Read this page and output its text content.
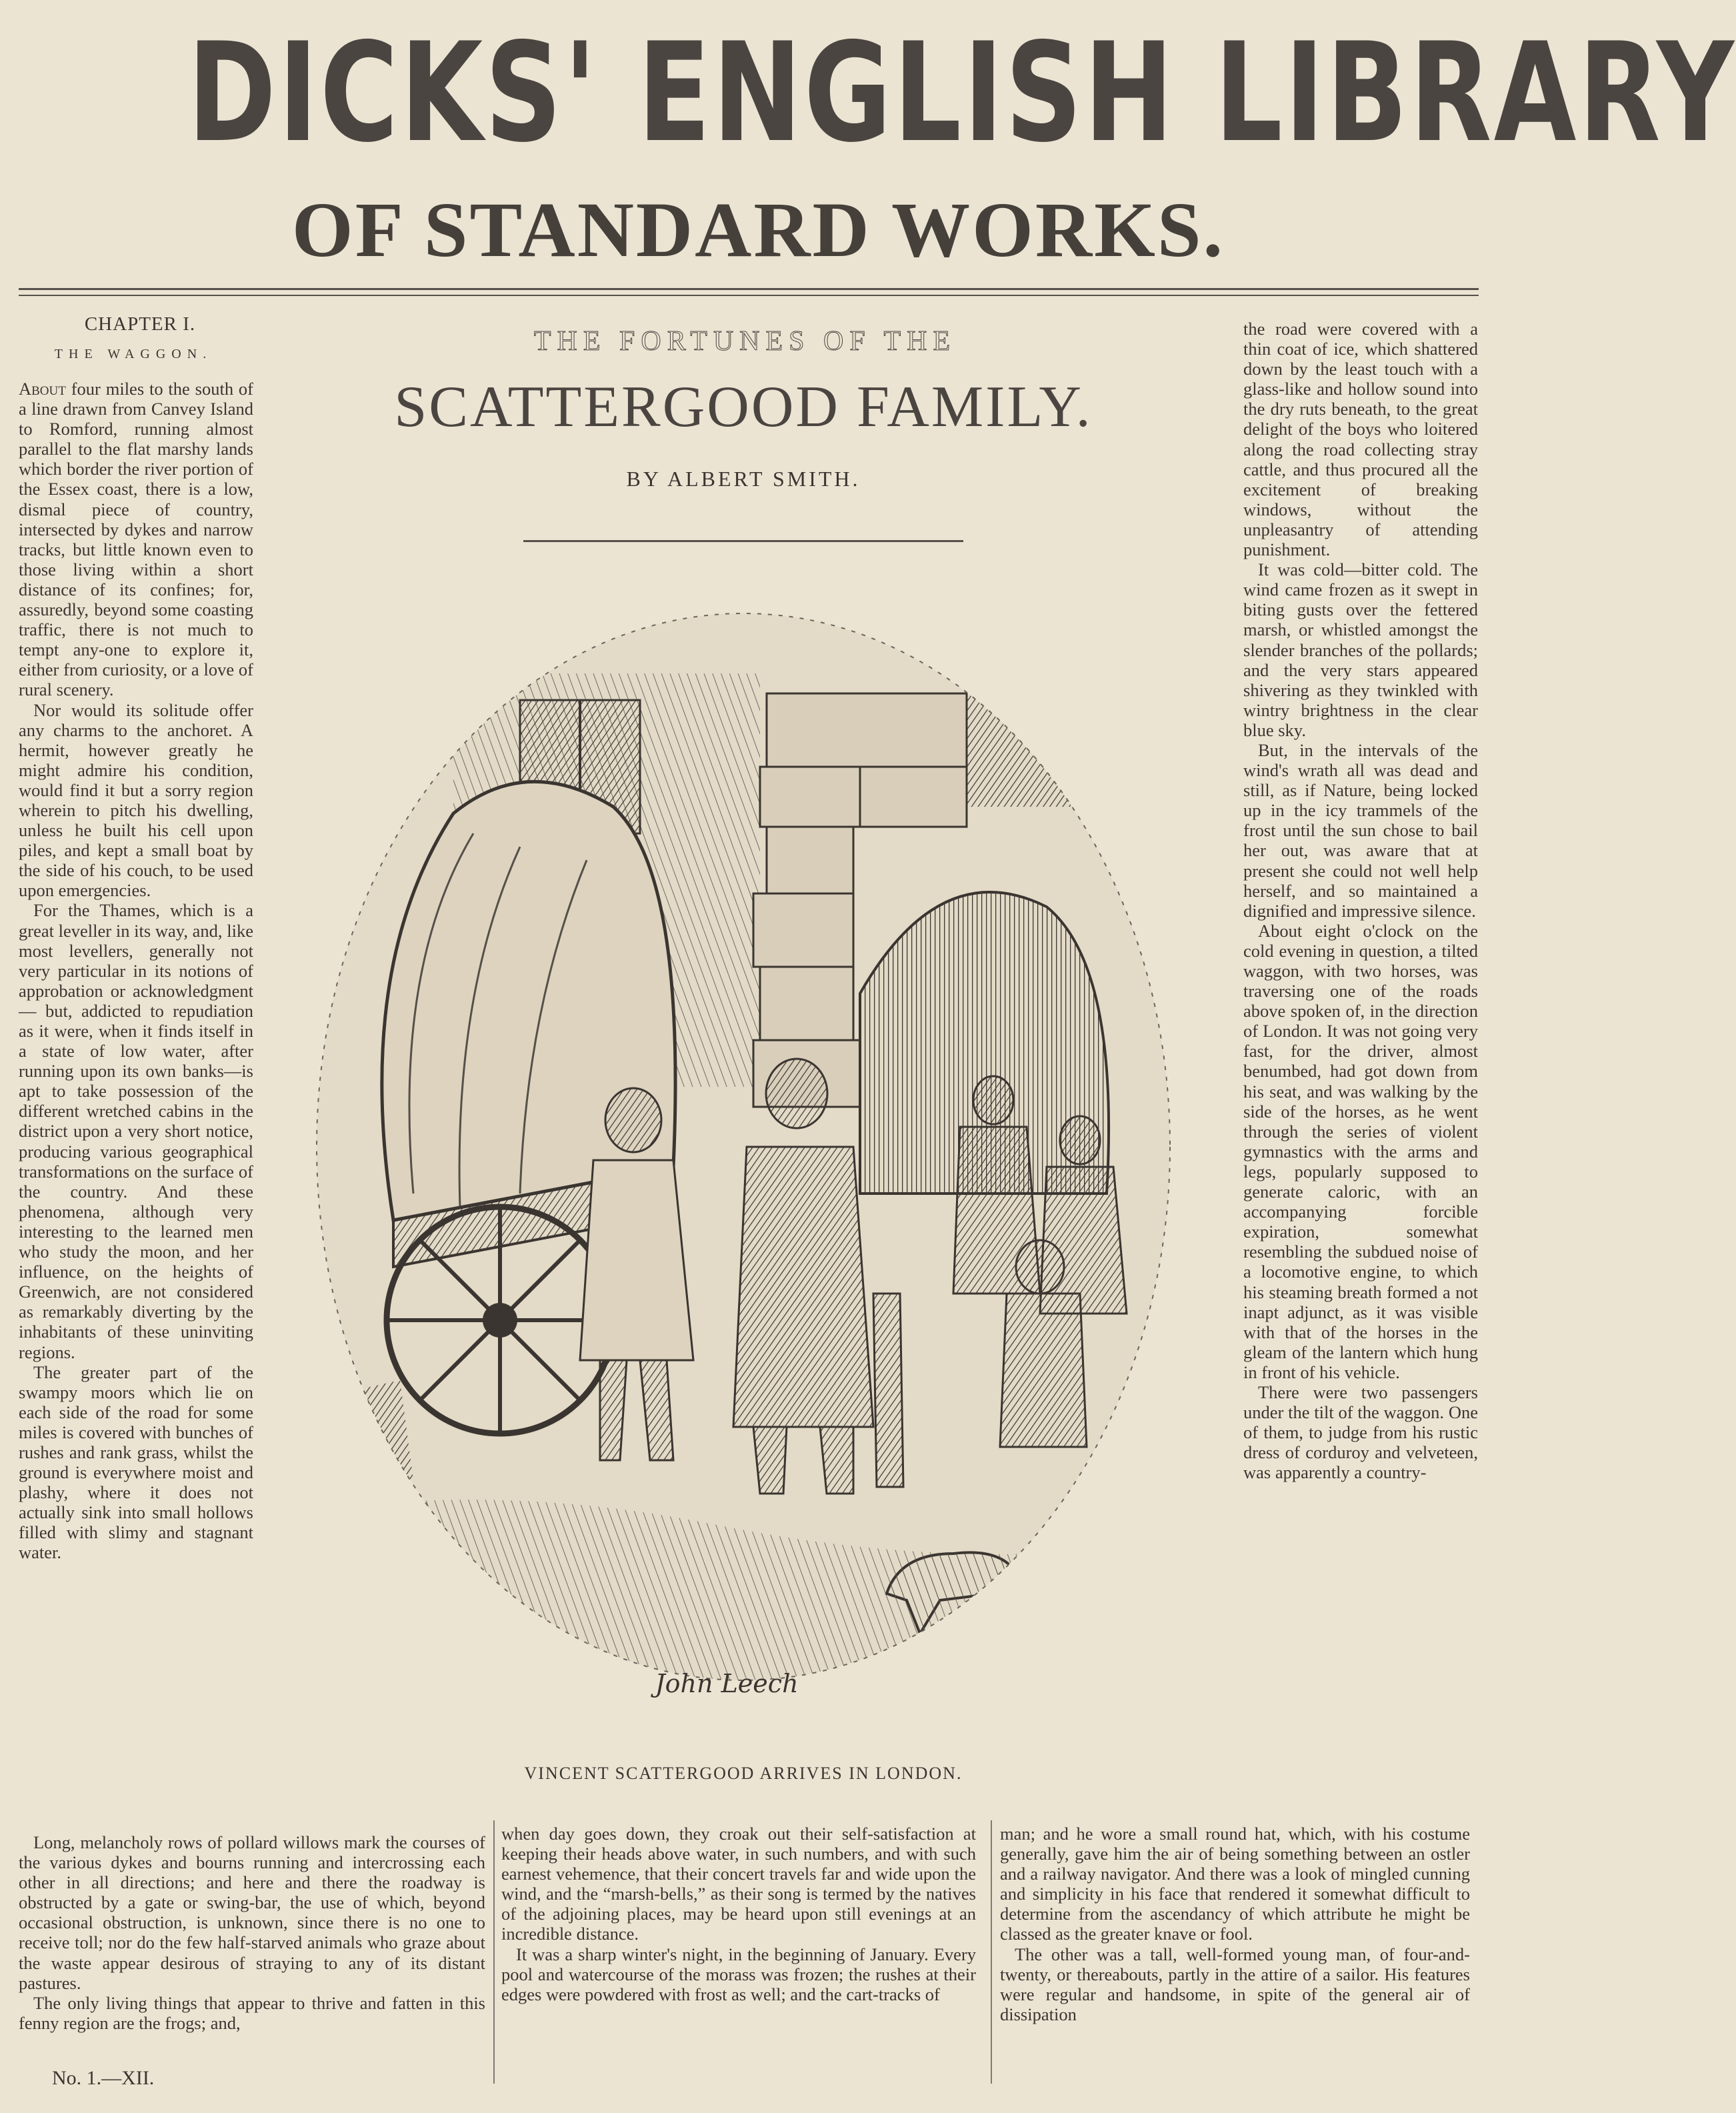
DICKS' ENGLISH LIBRARY
OF STANDARD WORKS.
CHAPTER I.
THE WAGGON.

About four miles to the south of a line drawn from Canvey Island to Romford, running almost parallel to the flat marshy lands which border the river portion of the Essex coast, there is a low, dismal piece of country, intersected by dykes and narrow tracks, but little known even to those living within a short distance of its confines; for, assuredly, beyond some coasting traffic, there is not much to tempt any-one to explore it, either from curiosity, or a love of rural scenery.

Nor would its solitude offer any charms to the anchoret. A hermit, however greatly he might admire his condition, would find it but a sorry region wherein to pitch his dwelling, unless he built his cell upon piles, and kept a small boat by the side of his couch, to be used upon emergencies.

For the Thames, which is a great leveller in its way, and, like most levellers, generally not very particular in its notions of approbation or acknowledgment — but, addicted to repudiation as it were, when it finds itself in a state of low water, after running upon its own banks—is apt to take possession of the different wretched cabins in the district upon a very short notice, producing various geographical transformations on the surface of the country. And these phenomena, although very interesting to the learned men who study the moon, and her influence, on the heights of Greenwich, are not considered as remarkably diverting by the inhabitants of these uninviting regions.

The greater part of the swampy moors which lie on each side of the road for some miles is covered with bunches of rushes and rank grass, whilst the ground is everywhere moist and plashy, where it does not actually sink into small hollows filled with slimy and stagnant water.

Long, melancholy rows of pollard willows mark the courses of the various dykes and bourns running and intercrossing each other in all directions; and here and there the roadway is obstructed by a gate or swing-bar, the use of which, beyond occasional obstruction, is unknown, since there is no one to receive toll; nor do the few half-starved animals who graze about the waste appear desirous of straying to any of its distant pastures.

The only living things that appear to thrive and fatten in this fenny region are the frogs; and,

THE FORTUNES OF THE
SCATTERGOOD FAMILY.
BY ALBERT SMITH.
John Leech
VINCENT SCATTERGOOD ARRIVES IN LONDON.

the road were covered with a thin coat of ice, which shattered down by the least touch with a glass-like and hollow sound into the dry ruts beneath, to the great delight of the boys who loitered along the road collecting stray cattle, and thus procured all the excitement of breaking windows, without the unpleasantry of attending punishment.

It was cold—bitter cold. The wind came frozen as it swept in biting gusts over the fettered marsh, or whistled amongst the slender branches of the pollards; and the very stars appeared shivering as they twinkled with wintry brightness in the clear blue sky.

But, in the intervals of the wind's wrath all was dead and still, as if Nature, being locked up in the icy trammels of the frost until the sun chose to bail her out, was aware that at present she could not well help herself, and so maintained a dignified and impressive silence.

About eight o'clock on the cold evening in question, a tilted waggon, with two horses, was traversing one of the roads above spoken of, in the direction of London. It was not going very fast, for the driver, almost benumbed, had got down from his seat, and was walking by the side of the horses, as he went through the series of violent gymnastics with the arms and legs, popularly supposed to generate caloric, with an accompanying forcible expiration, somewhat resembling the subdued noise of a locomotive engine, to which his steaming breath formed a not inapt adjunct, as it was visible with that of the horses in the gleam of the lantern which hung in front of his vehicle.

There were two passengers under the tilt of the waggon. One of them, to judge from his rustic dress of corduroy and velveteen, was apparently a country-

when day goes down, they croak out their self-satisfaction at keeping their heads above water, in such numbers, and with such earnest vehemence, that their concert travels far and wide upon the wind, and the “marsh-bells,” as their song is termed by the natives of the adjoining places, may be heard upon still evenings at an incredible distance.

It was a sharp winter's night, in the beginning of January. Every pool and watercourse of the morass was frozen; the rushes at their edges were powdered with frost as well; and the cart-tracks of

man; and he wore a small round hat, which, with his costume generally, gave him the air of being something between an ostler and a railway navigator. And there was a look of mingled cunning and simplicity in his face that rendered it somewhat difficult to determine from the ascendancy of which attribute he might be classed as the greater knave or fool.

The other was a tall, well-formed young man, of four-and-twenty, or thereabouts, partly in the attire of a sailor. His features were regular and handsome, in spite of the general air of dissipation

No. 1.—XII.
